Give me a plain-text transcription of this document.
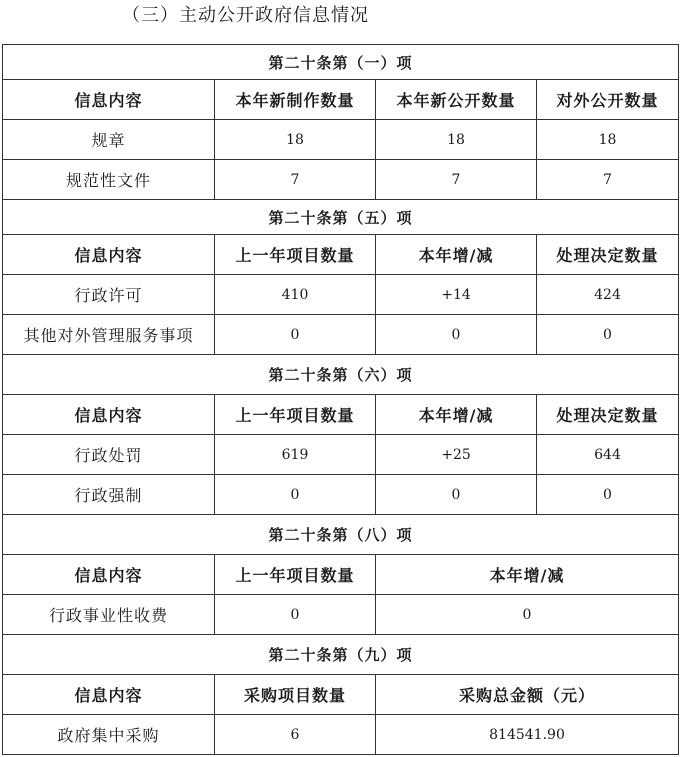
（三）主动公开政府信息情况
第二十条第（一）项			
信息内容	本年新制作数量	本年新公开数量	对外公开数量
规章	18	18	18
规范性文件	7	7	7
第二十条第（五）项			
信息内容	上一年项目数量	本年增/减	处理决定数量
行政许可	410	+14	424
其他对外管理服务事项	0	0	0
第二十条第（六）项			
信息内容	上一年项目数量	本年增/减	处理决定数量
行政处罚	619	+25	644
行政强制	0	0	0
第二十条第（八）项			
信息内容	上一年项目数量	本年增/减	
行政事业性收费	0	0	
第二十条第（九）项			
信息内容	采购项目数量	采购总金额（元）	
政府集中采购	6	814541.90	
